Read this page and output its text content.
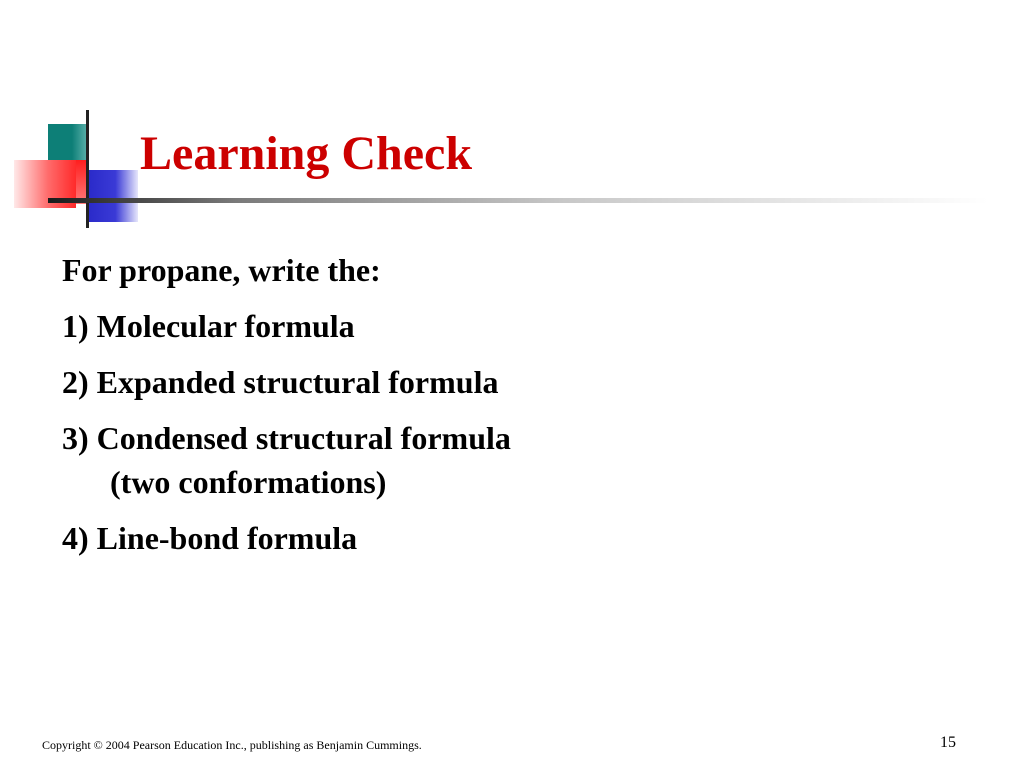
Learning Check
For propane, write the:
1) Molecular formula
2) Expanded structural formula
3) Condensed structural formula
(two conformations)
4) Line-bond formula
Copyright © 2004 Pearson Education Inc., publishing as Benjamin Cummings.	15
